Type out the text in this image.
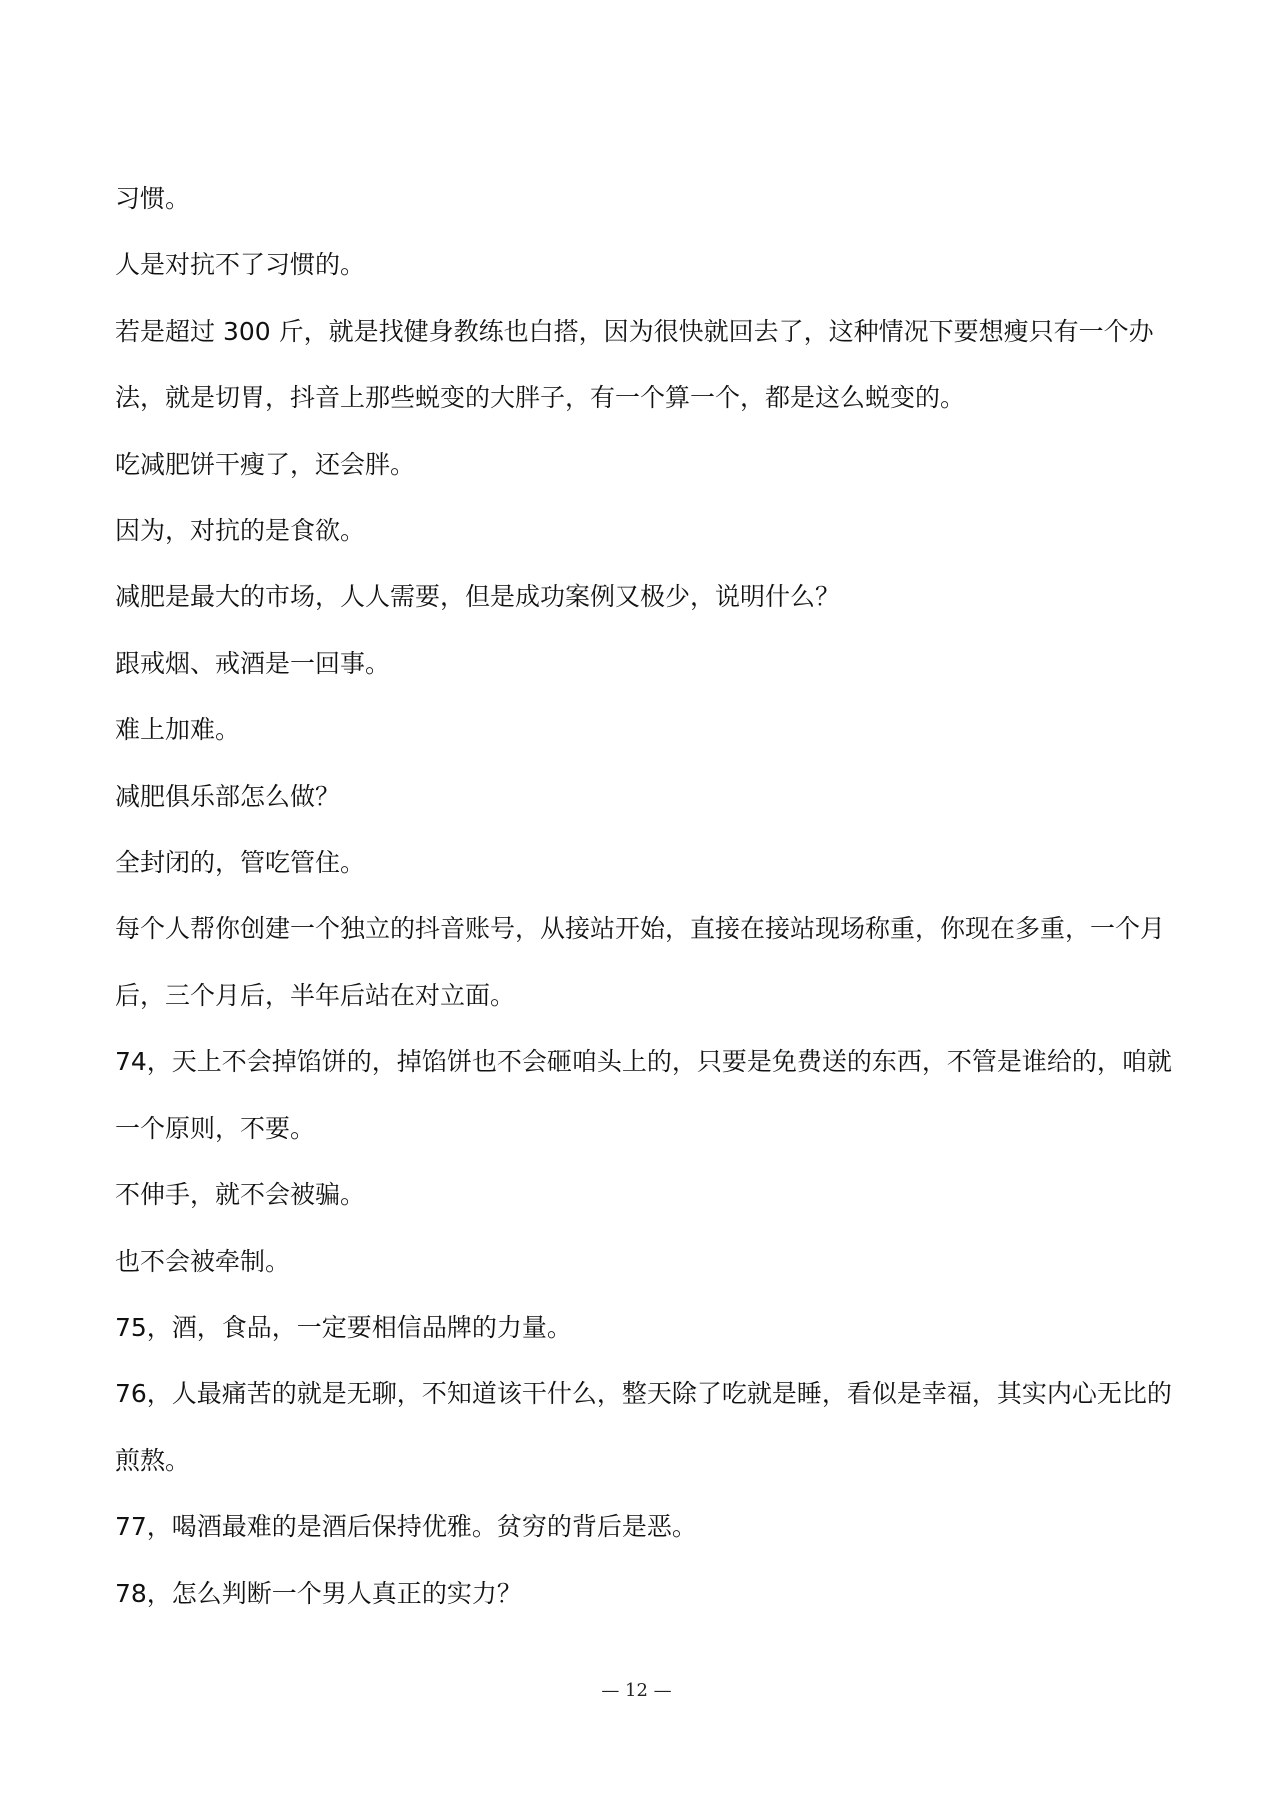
习惯。

人是对抗不了习惯的。

若是超过 300 斤，就是找健身教练也白搭，因为很快就回去了，这种情况下要想瘦只有一个办法，就是切胃，抖音上那些蜕变的大胖子，有一个算一个，都是这么蜕变的。

吃减肥饼干瘦了，还会胖。

因为，对抗的是食欲。

减肥是最大的市场，人人需要，但是成功案例又极少，说明什么？

跟戒烟、戒酒是一回事。

难上加难。

减肥俱乐部怎么做？

全封闭的，管吃管住。

每个人帮你创建一个独立的抖音账号，从接站开始，直接在接站现场称重，你现在多重，一个月后，三个月后，半年后站在对立面。

74，天上不会掉馅饼的，掉馅饼也不会砸咱头上的，只要是免费送的东西，不管是谁给的，咱就一个原则，不要。

不伸手，就不会被骗。

也不会被牵制。

75，酒，食品，一定要相信品牌的力量。

76，人最痛苦的就是无聊，不知道该干什么，整天除了吃就是睡，看似是幸福，其实内心无比的煎熬。

77，喝酒最难的是酒后保持优雅。贫穷的背后是恶。

78，怎么判断一个男人真正的实力？

— 12 —
